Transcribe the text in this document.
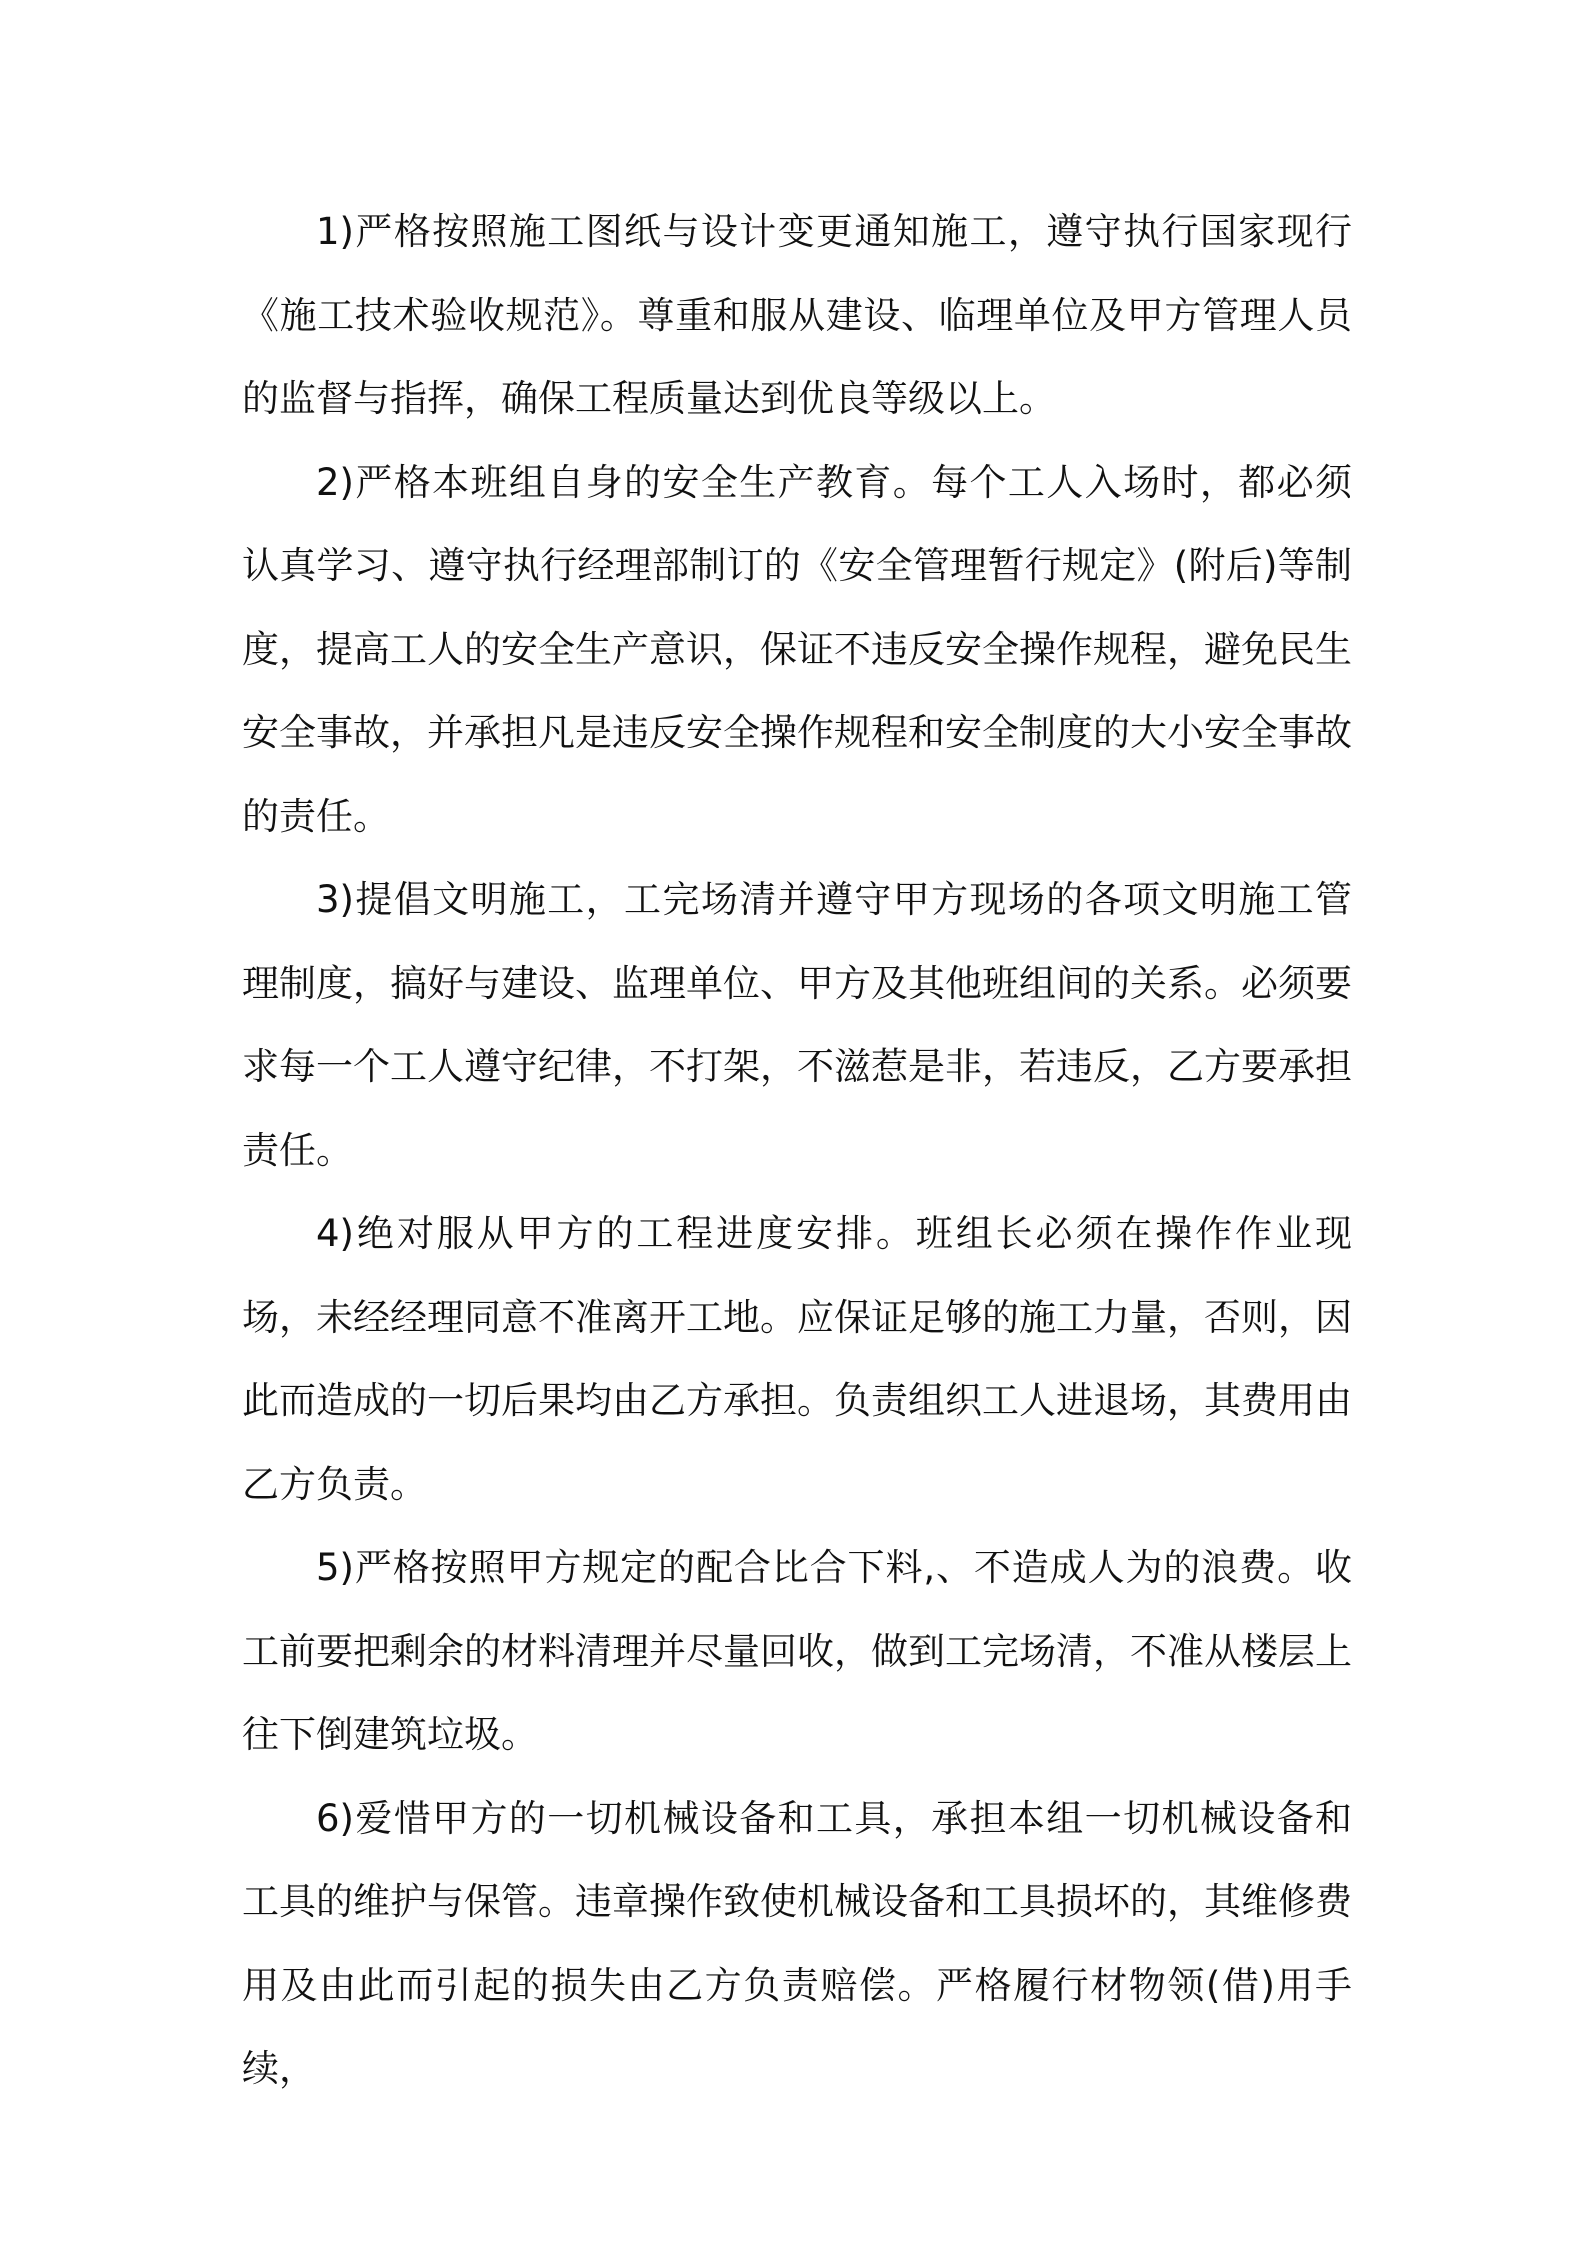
1)严格按照施工图纸与设计变更通知施工，遵守执行国家现行《施工技术验收规范》。尊重和服从建设、临理单位及甲方管理人员的监督与指挥，确保工程质量达到优良等级以上。

2)严格本班组自身的安全生产教育。每个工人入场时，都必须认真学习、遵守执行经理部制订的《安全管理暂行规定》(附后)等制度，提高工人的安全生产意识，保证不违反安全操作规程，避免民生安全事故，并承担凡是违反安全操作规程和安全制度的大小安全事故的责任。

3)提倡文明施工，工完场清并遵守甲方现场的各项文明施工管理制度，搞好与建设、监理单位、甲方及其他班组间的关系。必须要求每一个工人遵守纪律，不打架，不滋惹是非，若违反，乙方要承担责任。

4)绝对服从甲方的工程进度安排。班组长必须在操作作业现场，未经经理同意不准离开工地。应保证足够的施工力量，否则，因此而造成的一切后果均由乙方承担。负责组织工人进退场，其费用由乙方负责。

5)严格按照甲方规定的配合比合下料,、不造成人为的浪费。收工前要把剩余的材料清理并尽量回收，做到工完场清，不准从楼层上往下倒建筑垃圾。

6)爱惜甲方的一切机械设备和工具，承担本组一切机械设备和工具的维护与保管。违章操作致使机械设备和工具损坏的，其维修费用及由此而引起的损失由乙方负责赔偿。严格履行材物领(借)用手续，
